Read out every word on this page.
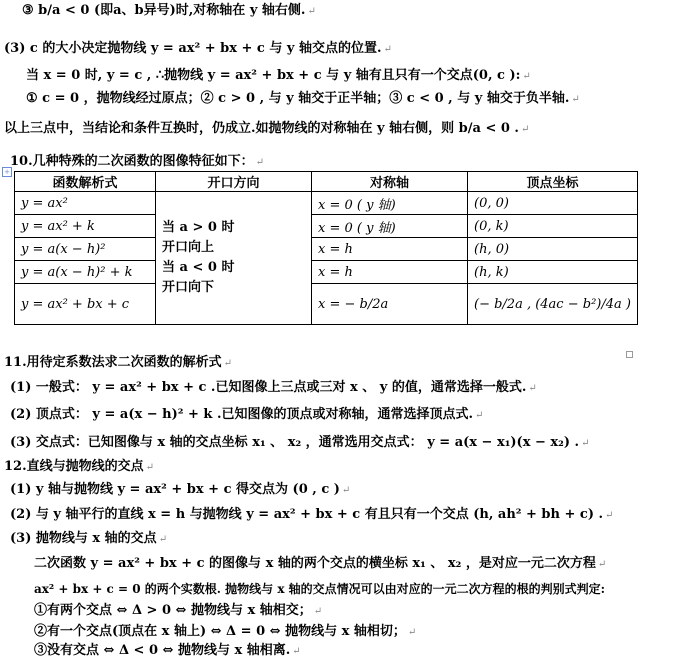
+
③ b/a < 0 (即a、b异号)时,对称轴在 y 轴右侧. ↵
(3) c 的大小决定抛物线 y = ax² + bx + c 与 y 轴交点的位置. ↵
当 x = 0 时, y = c , ∴抛物线 y = ax² + bx + c 与 y 轴有且只有一个交点(0, c ): ↵
① c = 0 ，抛物线经过原点；② c > 0 , 与 y 轴交于正半轴；③ c < 0 , 与 y 轴交于负半轴. ↵
以上三点中，当结论和条件互换时，仍成立.如抛物线的对称轴在 y 轴右侧，则 b/a < 0 . ↵
10.几种特殊的二次函数的图像特征如下： ↵
函数解析式	开口方向	对称轴	顶点坐标
y = ax²	当 a > 0 时
开口向上
当 a < 0 时
开口向下	x = 0 ( y 轴)	(0, 0)
y = ax² + k		x = 0 ( y 轴)	(0, k)
y = a(x − h)²		x = h	(h, 0)
y = a(x − h)² + k		x = h	(h, k)
y = ax² + bx + c		x = − b/2a	(− b/2a , (4ac − b²)/4a )
11.用待定系数法求二次函数的解析式 ↵
(1) 一般式： y = ax² + bx + c .已知图像上三点或三对 x 、 y 的值，通常选择一般式. ↵
(2) 顶点式： y = a(x − h)² + k .已知图像的顶点或对称轴，通常选择顶点式. ↵
(3) 交点式：已知图像与 x 轴的交点坐标 x₁ 、 x₂ ，通常选用交点式： y = a(x − x₁)(x − x₂) . ↵
12.直线与抛物线的交点 ↵
(1) y 轴与抛物线 y = ax² + bx + c 得交点为 (0 , c ) ↵
(2) 与 y 轴平行的直线 x = h 与抛物线 y = ax² + bx + c 有且只有一个交点 (h, ah² + bh + c) . ↵
(3) 抛物线与 x 轴的交点 ↵
二次函数 y = ax² + bx + c 的图像与 x 轴的两个交点的横坐标 x₁ 、 x₂ ，是对应一元二次方程 ↵
ax² + bx + c = 0 的两个实数根. 抛物线与 x 轴的交点情况可以由对应的一元二次方程的根的判别式判定:
①有两个交点 ⇔ Δ > 0 ⇔ 抛物线与 x 轴相交； ↵
②有一个交点(顶点在 x 轴上) ⇔ Δ = 0 ⇔ 抛物线与 x 轴相切； ↵
③没有交点 ⇔ Δ < 0 ⇔ 抛物线与 x 轴相离. ↵
